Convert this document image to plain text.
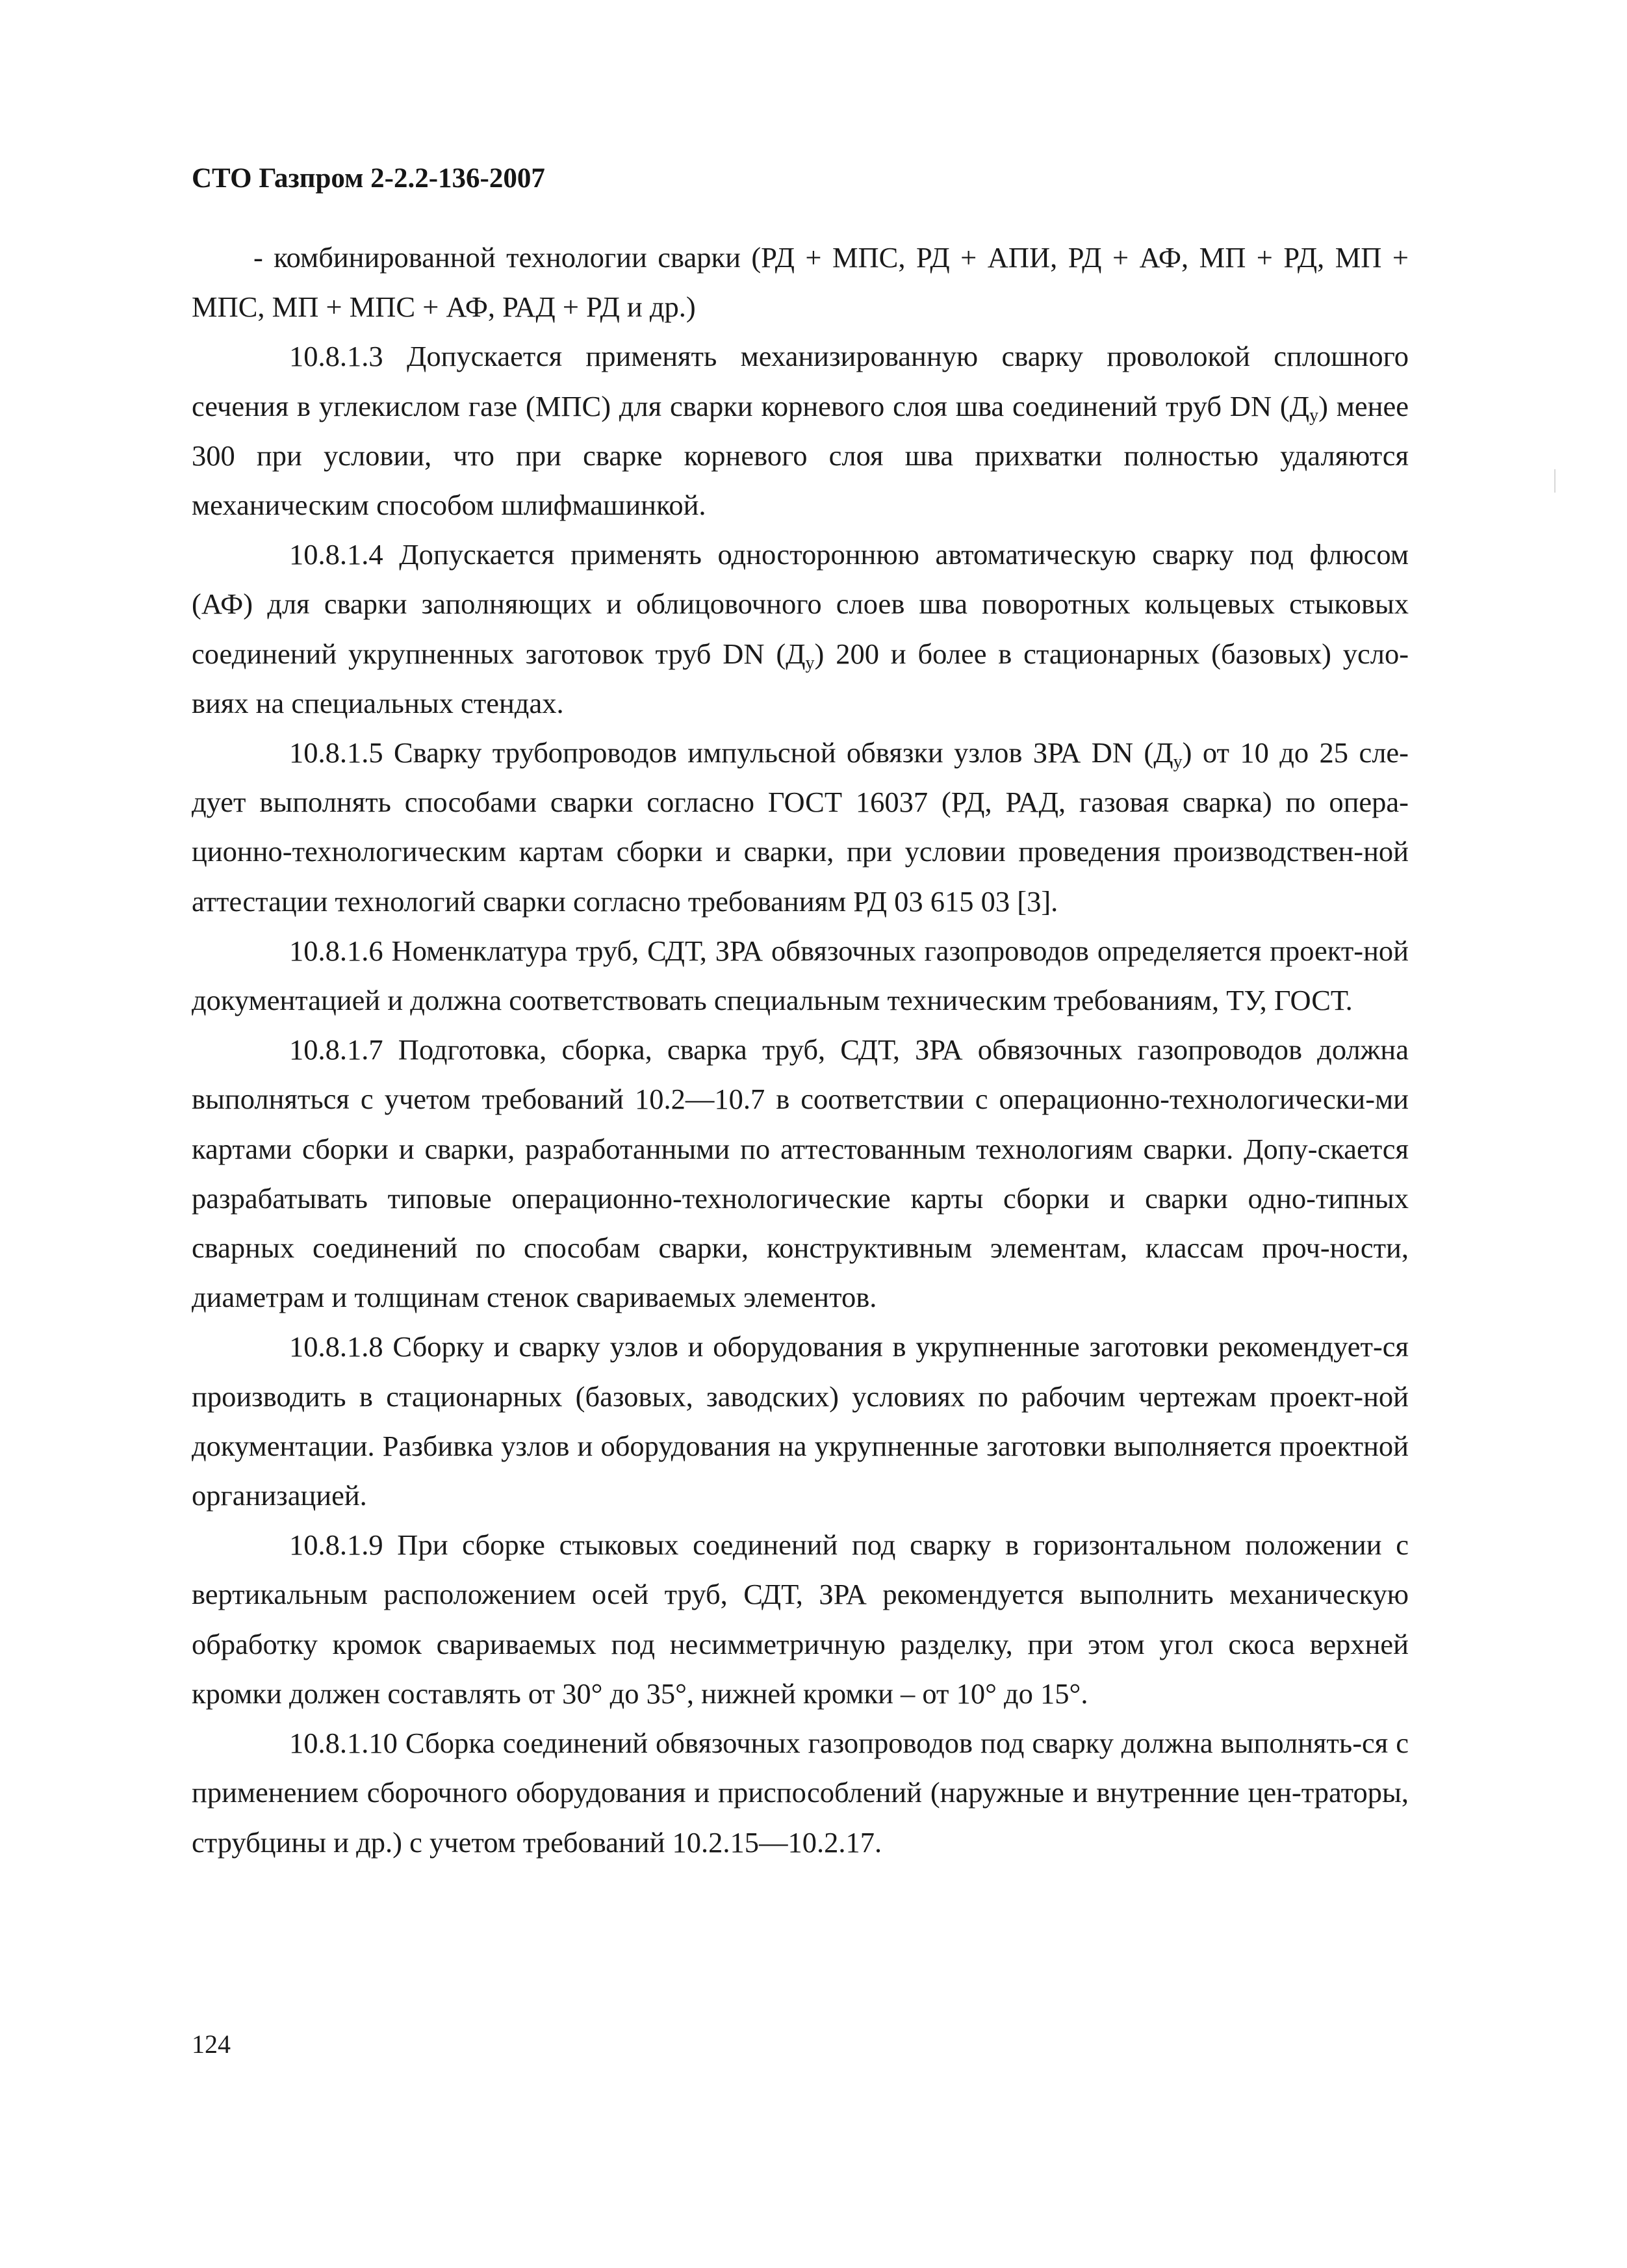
СТО Газпром 2-2.2-136-2007

- комбинированной технологии сварки (РД + МПС, РД + АПИ, РД + АФ, МП + РД, МП + МПС, МП + МПС + АФ, РАД + РД и др.)

10.8.1.3 Допускается применять механизированную сварку проволокой сплошного сечения в углекислом газе (МПС) для сварки корневого слоя шва соединений труб DN $(Д_у)$ менее 300 при условии, что при сварке корневого слоя шва прихватки полностью удаляются механическим способом шлифмашинкой.

10.8.1.4 Допускается применять одностороннюю автоматическую сварку под флюсом (АФ) для сварки заполняющих и облицовочного слоев шва поворотных кольцевых стыковых соединений укрупненных заготовок труб DN $(Д_у)$ 200 и более в стационарных (базовых) усло-виях на специальных стендах.

10.8.1.5 Сварку трубопроводов импульсной обвязки узлов ЗРА DN $(Д_у)$ от 10 до 25 сле-дует выполнять способами сварки согласно ГОСТ 16037 (РД, РАД, газовая сварка) по опера-ционно-технологическим картам сборки и сварки, при условии проведения производствен-ной аттестации технологий сварки согласно требованиям РД 03 615 03 [3].

10.8.1.6 Номенклатура труб, СДТ, ЗРА обвязочных газопроводов определяется проект-ной документацией и должна соответствовать специальным техническим требованиям, ТУ, ГОСТ.

10.8.1.7 Подготовка, сборка, сварка труб, СДТ, ЗРА обвязочных газопроводов должна выполняться с учетом требований 10.2—10.7 в соответствии с операционно-технологически-ми картами сборки и сварки, разработанными по аттестованным технологиям сварки. Допу-скается разрабатывать типовые операционно-технологические карты сборки и сварки одно-типных сварных соединений по способам сварки, конструктивным элементам, классам проч-ности, диаметрам и толщинам стенок свариваемых элементов.

10.8.1.8 Сборку и сварку узлов и оборудования в укрупненные заготовки рекомендует-ся производить в стационарных (базовых, заводских) условиях по рабочим чертежам проект-ной документации. Разбивка узлов и оборудования на укрупненные заготовки выполняется проектной организацией.

10.8.1.9 При сборке стыковых соединений под сварку в горизонтальном положении с вертикальным расположением осей труб, СДТ, ЗРА рекомендуется выполнить механическую обработку кромок свариваемых под несимметричную разделку, при этом угол скоса верхней кромки должен составлять от 30° до 35°, нижней кромки – от 10° до 15°.

10.8.1.10 Сборка соединений обвязочных газопроводов под сварку должна выполнять-ся с применением сборочного оборудования и приспособлений (наружные и внутренние цен-траторы, струбцины и др.) с учетом требований 10.2.15—10.2.17.

124
